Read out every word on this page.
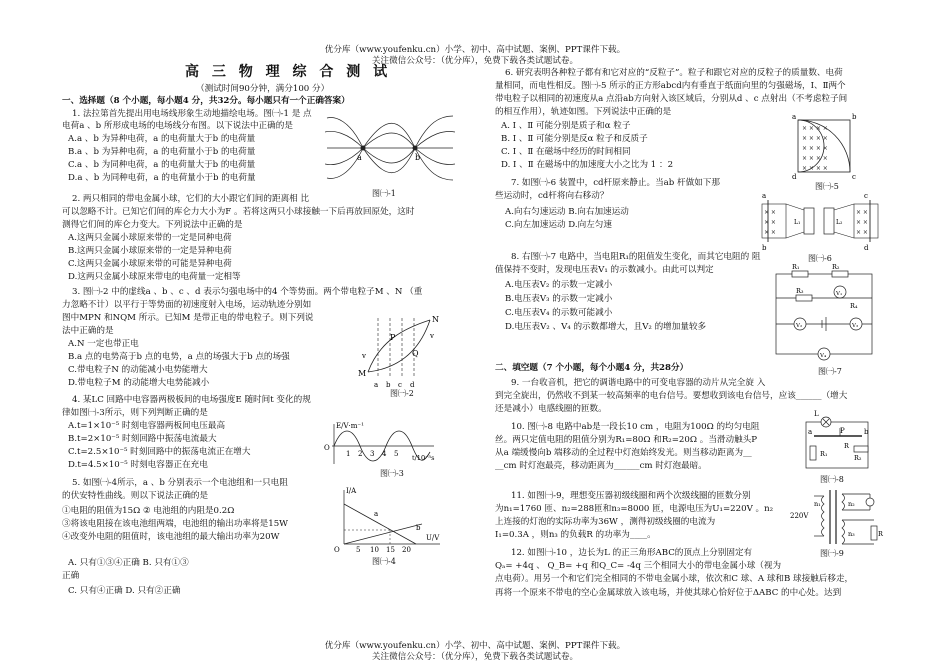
优分库（www.youfenku.cn）小学、初中、高中试题、案例、PPT课件下载。
关注微信公众号：（优分库），免费下载各类试题试卷。
优分库（www.youfenku.cn）小学、初中、高中试题、案例、PPT课件下载。
关注微信公众号：（优分库），免费下载各类试题试卷。
高 三 物 理 综 合 测 试
（测试时间90分钟，满分100 分）
一、选择题（8 个小题，每小题4 分，共32分。每小题只有一个正确答案）
1. 法拉第首先提出用电场线形象生动地描绘电场。图㈠-1 是 点
电荷a 、b 所形成电场的电场线分布图。以下说法中正确的是
A.a 、b 为异种电荷，a 的电荷量大于b 的电荷量
B.a 、b 为异种电荷，a 的电荷量小于b 的电荷量
C.a 、b 为同种电荷，a 的电荷量大于b 的电荷量
D.a 、b 为同种电荷，a 的电荷量小于b 的电荷量
2. 两只相同的带电金属小球，它们的大小跟它们间的距离相 比
可以忽略不计。已知它们间的库仑力大小为F 。若将这两只小球接触一下后再放回原处，这时
测得它们间的库仑力变大。下列说法中正确的是
A.这两只金属小球原来带的一定是同种电荷
B.这两只金属小球原来带的一定是异种电荷
C.这两只金属小球原来带的可能是异种电荷
D.这两只金属小球原来带电的电荷量一定相等
3. 图㈠-2 中的虚线a 、b 、c 、d 表示匀强电场中的4 个等势面。两个带电粒子M 、N （重
力忽略不计）以平行于等势面的初速度射入电场，运动轨迹分别如
图中MPN 和NQM 所示。已知M 是带正电的带电粒子。则下列说
法中正确的是
A.N 一定也带正电
B.a 点的电势高于b 点的电势，a 点的场强大于b 点的场强
C.带电粒子N 的动能减小电势能增大
D.带电粒子M 的动能增大电势能减小
4. 某LC 回路中电容器两极板间的电场强度E 随时间t 变化的规
律如图㈠-3所示，则下列判断正确的是
A.t=1×10⁻⁵ 时刻电容器两板间电压最高
B.t=2×10⁻⁵ 时刻回路中振荡电流最大
C.t=2.5×10⁻⁵ 时刻回路中的振荡电流正在增大
D.t=4.5×10⁻⁵ 时刻电容器正在充电
5. 如图㈠-4所示，a 、b 分别表示一个电池组和一只电阻
的伏安特性曲线。则以下说法正确的是
①电阻的阻值为15Ω ② 电池组的内阻是0.2Ω
③将该电阻接在该电池组两端，电池组的输出功率将是15W
④改变外电阻的阻值时，该电池组的最大输出功率为20W
A. 只有①③④正确 B. 只有①③
正确
C. 只有④正确 D. 只有②正确
6. 研究表明各种粒子都有和它对应的“反粒子”。粒子和跟它对应的反粒子的质量数、电荷
量相同，而电性相反。图㈠-5 所示的正方形abcd内有垂直于纸面向里的匀强磁场，I、Ⅱ两个
带电粒子以相同的初速度从a 点沿ab方向射入该区域后，分别从d 、c 点射出（不考虑粒子间
的相互作用），轨迹如图。下列说法中正确的是
A. I 、Ⅱ 可能分别是质子和α 粒子
B. I 、Ⅱ 可能分别是反α 粒子和反质子
C. I 、Ⅱ 在磁场中经历的时间相同
D. I 、Ⅱ 在磁场中的加速度大小之比为 1 ：2
7. 如图㈠-6 装置中，cd杆原来静止。当ab 杆做如下那
些运动时，cd杆将向右移动？
A.向右匀速运动 B.向右加速运动
C.向左加速运动 D.向左匀速
8. 右图㈠-7 电路中，当电阻R₁的阻值发生变化，而其它电阻的 阻
值保持不变时，发现电压表V₁ 的示数减小。由此可以判定
A.电压表V₂ 的示数一定减小
B.电压表V₃ 的示数一定减小
C.电压表V₄ 的示数可能减小
D.电压表V₂ 、V₄ 的示数都增大，且V₂ 的增加量较多
二、填空题（7 个小题，每个小题4 分，共28分）
9. 一台收音机，把它的调谐电路中的可变电容器的动片从完全旋 入
到完全旋出，仍然收不到某一较高频率的电台信号。要想收到该电台信号，应该______（增大
还是减小）电感线圈的匝数。
10. 图㈠-8 电路中ab是一段长10 cm ，电阻为100Ω 的均匀电阻
丝。两只定值电阻的阻值分别为R₁=80Ω 和R₂=20Ω 。当滑动触头P
从a 端缓慢向b 端移动的全过程中灯泡始终发光。则当移动距离为__
__cm 时灯泡最亮，移动距离为______cm 时灯泡最暗。
11. 如图㈠-9，理想变压器初级线圈和两个次级线圈的匝数分别
为n₁=1760 匝、n₂=288匝和n₃=8000 匝，电源电压为U₁=220V 。n₂
上连接的灯泡的实际功率为36W ，测得初级线圈的电流为
I₁=0.3A ，则n₃ 的负载R 的功率为____。
12. 如图㈠-10 ，边长为L 的正三角形ABC的顶点上分别固定有
Qₐ= +4q 、 Q_B= +q 和Q_C= -4q 三个相同大小的带电金属小球（视为
点电荷）。用另一个和它们完全相同的不带电金属小球，依次和C 球、A 球和B 球接触后移走，
再将一个原来不带电的空心金属球放入该电场，并使其球心恰好位于ΔABC 的中心处。达到
a	b
图㈠-1
N
P
Q
M
v
v
a b c d
图㈠-2
E/V·m⁻¹
t/10⁻⁵s
O
1 2 3 4 5
图㈠-3
I/A
U/V
O
a
b
5 10 15 20
图㈠-4
× × × ×
× × × ×
× × × ×
× × × ×
× × × ×
a	b
c
d
图㈠-5
× ×
× ×
× ×
× ×
× ×
× ×
a
b
c
d
L₁	L₂
图㈠-6
R₁	R₂
R₃
R₄
V₁
V₂	V₃
V₄
图㈠-7
L
a	P	b
R₁	R₂
R
图㈠-8
220V
n₁	n₂
n₃	R
图㈠-9
